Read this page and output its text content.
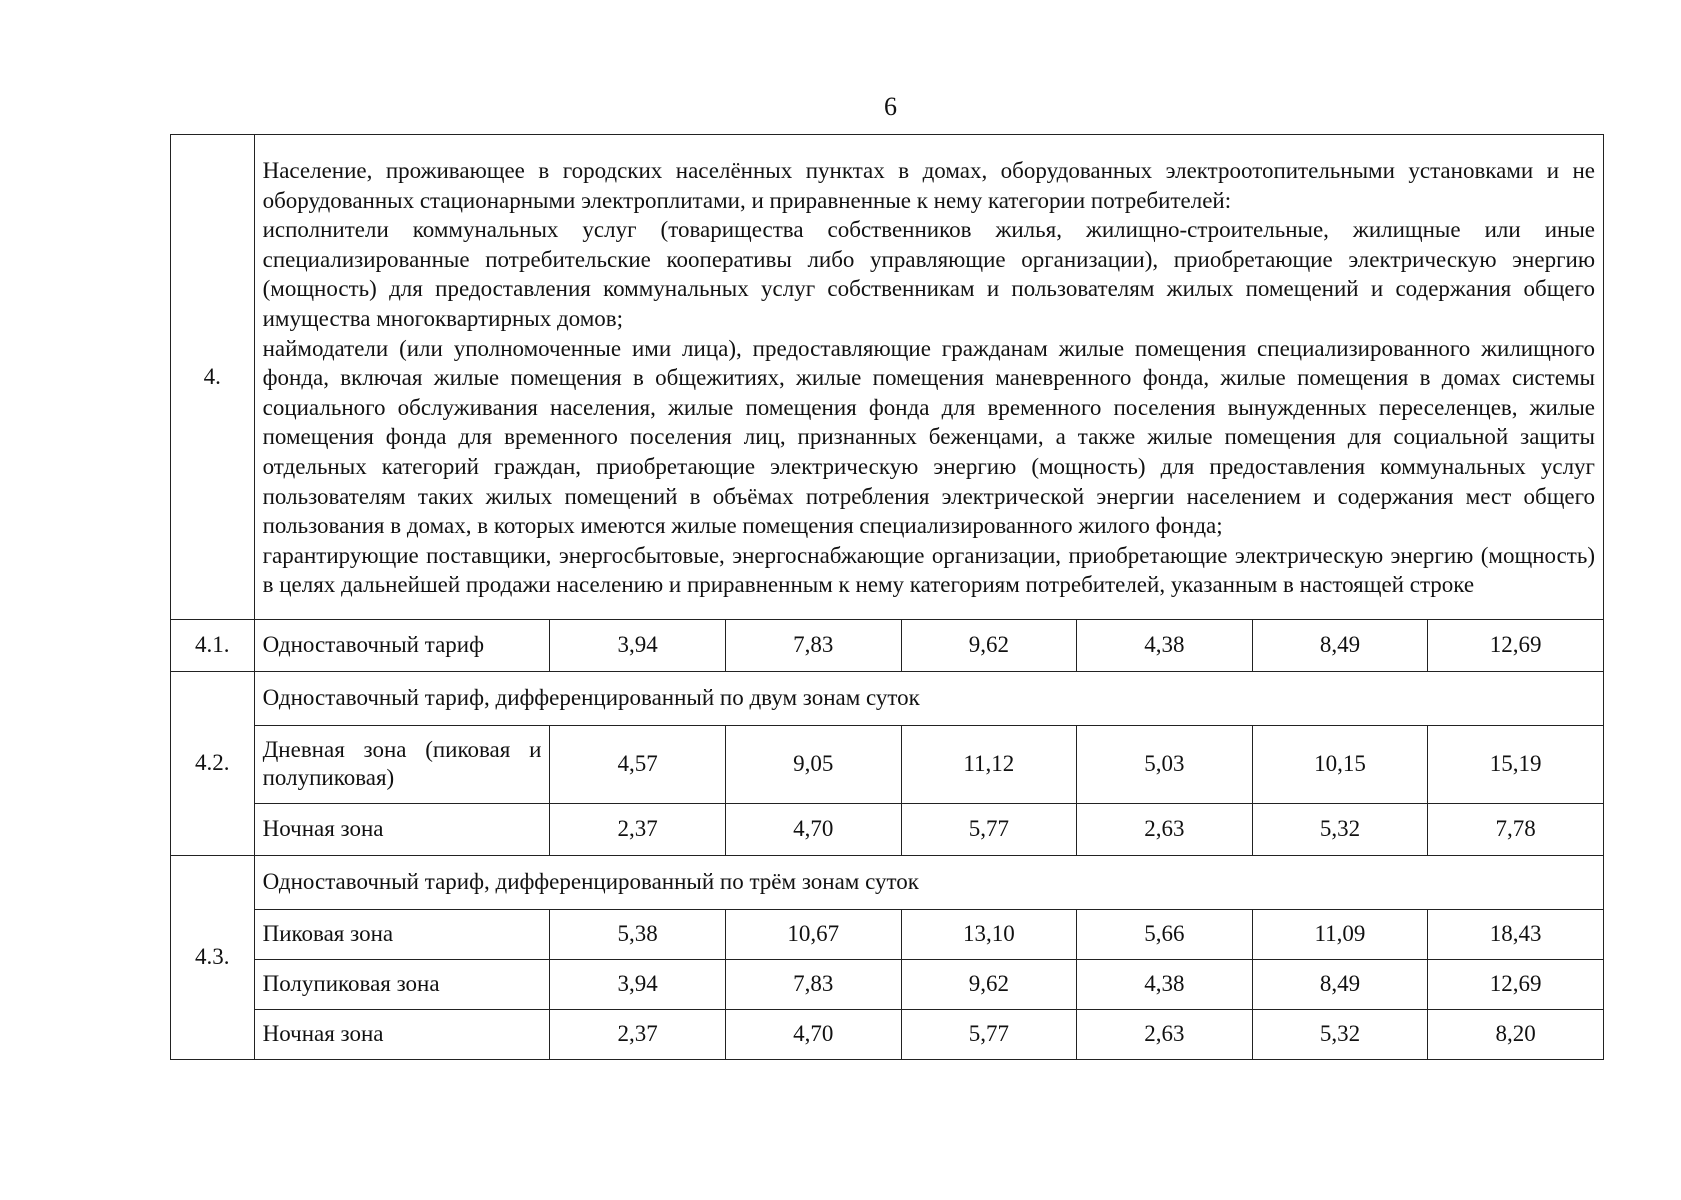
6
4.	Население, проживающее в городских населённых пунктах в домах, оборудованных электроотопительными установками и не оборудованных стационарными электроплитами, и приравненные к нему категории потребителей:

исполнители коммунальных услуг (товарищества собственников жилья, жилищно-строительные, жилищные или иные специализированные потребительские кооперативы либо управляющие организации), приобретающие электрическую энергию (мощность) для предоставления коммунальных услуг собственникам и пользователям жилых помещений и содержания общего имущества многоквартирных домов;

наймодатели (или уполномоченные ими лица), предоставляющие гражданам жилые помещения специализированного жилищного фонда, включая жилые помещения в общежитиях, жилые помещения маневренного фонда, жилые помещения в домах системы социального обслуживания населения, жилые помещения фонда для временного поселения вынужденных переселенцев, жилые помещения фонда для временного поселения лиц, признанных беженцами, а также жилые помещения для социальной защиты отдельных категорий граждан, приобретающие электрическую энергию (мощность) для предоставления коммунальных услуг пользователям таких жилых помещений в объёмах потребления электрической энергии населением и содержания мест общего пользования в домах, в которых имеются жилые помещения специализированного жилого фонда;

гарантирующие поставщики, энергосбытовые, энергоснабжающие организации, приобретающие электрическую энергию (мощность) в целях дальнейшей продажи населению и приравненным к нему категориям потребителей, указанным в настоящей строке						

4.1.	Одноставочный тариф	3,94	7,83	9,62	4,38	8,49	12,69
4.2.	Одноставочный тариф, дифференцированный по двум зонам суток						
	Дневная зона (пиковая и полупиковая)	4,57	9,05	11,12	5,03	10,15	15,19
	Ночная зона	2,37	4,70	5,77	2,63	5,32	7,78
4.3.	Одноставочный тариф, дифференцированный по трём зонам суток						
	Пиковая зона	5,38	10,67	13,10	5,66	11,09	18,43
	Полупиковая зона	3,94	7,83	9,62	4,38	8,49	12,69
	Ночная зона	2,37	4,70	5,77	2,63	5,32	8,20
